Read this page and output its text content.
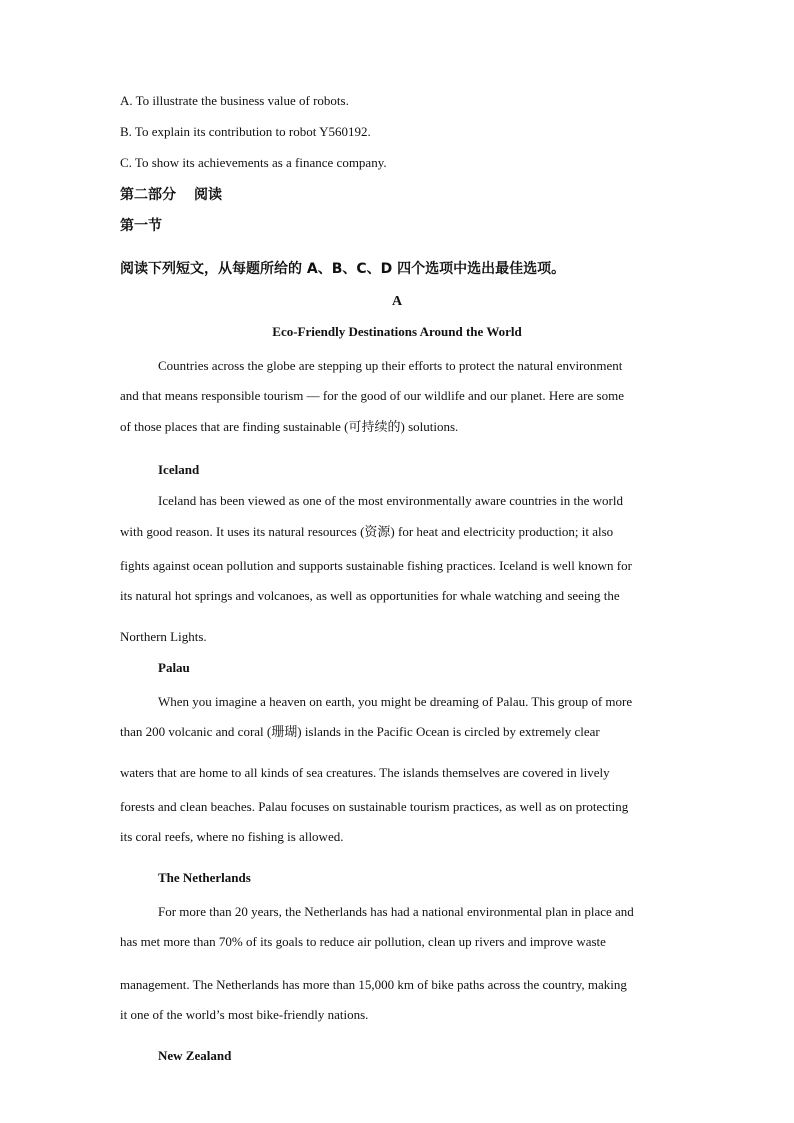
A. To illustrate the business value of robots.
B. To explain its contribution to robot Y560192.
C. To show its achievements as a finance company.
第二部分 阅读
第一节
阅读下列短文，从每题所给的 A、B、C、D 四个选项中选出最佳选项。
A
Eco-Friendly Destinations Around the World
Countries across the globe are stepping up their efforts to protect the natural environment
and that means responsible tourism — for the good of our wildlife and our planet. Here are some
of those places that are finding sustainable (可持续的) solutions.
Iceland
Iceland has been viewed as one of the most environmentally aware countries in the world
with good reason. It uses its natural resources (资源) for heat and electricity production; it also
fights against ocean pollution and supports sustainable fishing practices. Iceland is well known for
its natural hot springs and volcanoes, as well as opportunities for whale watching and seeing the
Northern Lights.
Palau
When you imagine a heaven on earth, you might be dreaming of Palau. This group of more
than 200 volcanic and coral (珊瑚) islands in the Pacific Ocean is circled by extremely clear
waters that are home to all kinds of sea creatures. The islands themselves are covered in lively
forests and clean beaches. Palau focuses on sustainable tourism practices, as well as on protecting
its coral reefs, where no fishing is allowed.
The Netherlands
For more than 20 years, the Netherlands has had a national environmental plan in place and
has met more than 70% of its goals to reduce air pollution, clean up rivers and improve waste
management. The Netherlands has more than 15,000 km of bike paths across the country, making
it one of the world’s most bike-friendly nations.
New Zealand
